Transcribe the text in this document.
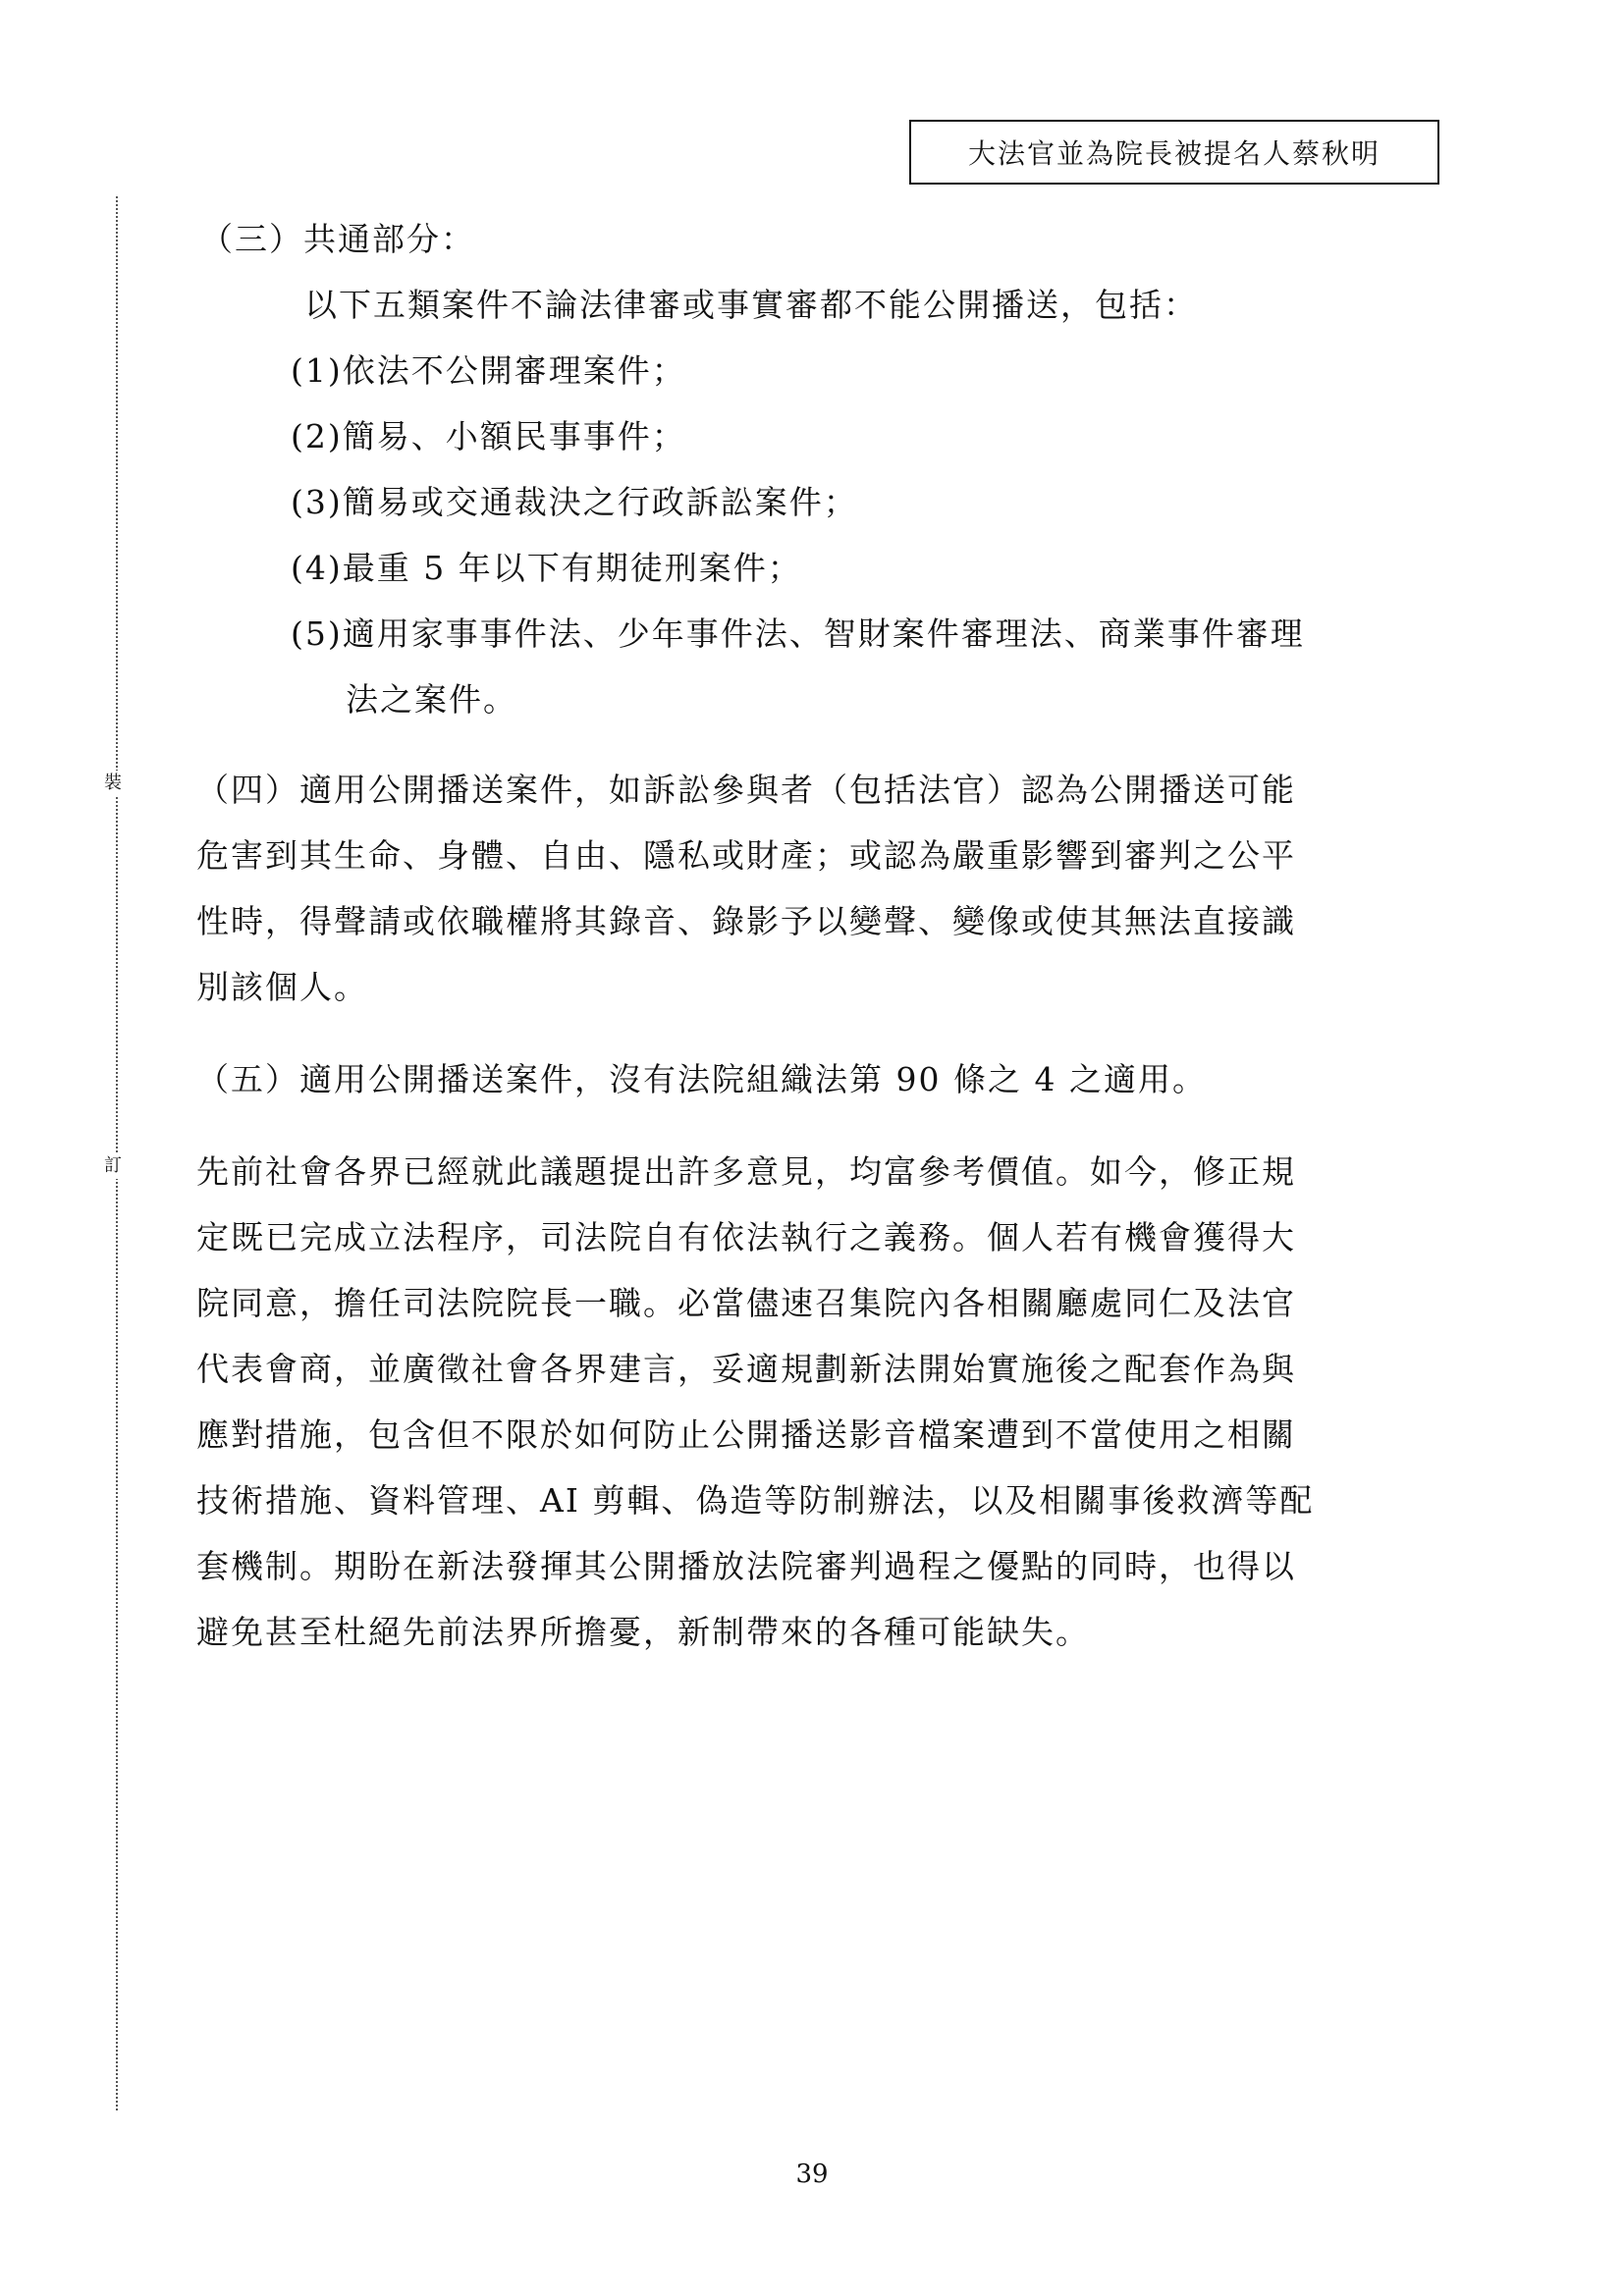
大法官並為院長被提名人蔡秋明
裝
訂
（三）共通部分：
以下五類案件不論法律審或事實審都不能公開播送，包括：
(1)依法不公開審理案件；
(2)簡易、小額民事事件；
(3)簡易或交通裁決之行政訴訟案件；
(4)最重 5 年以下有期徒刑案件；
(5)適用家事事件法、少年事件法、智財案件審理法、商業事件審理
法之案件。
（四）適用公開播送案件，如訴訟參與者（包括法官）認為公開播送可能
危害到其生命、身體、自由、隱私或財產；或認為嚴重影響到審判之公平
性時，得聲請或依職權將其錄音、錄影予以變聲、變像或使其無法直接識
別該個人。
（五）適用公開播送案件，沒有法院組織法第 90 條之 4 之適用。
先前社會各界已經就此議題提出許多意見，均富參考價值。如今，修正規
定既已完成立法程序，司法院自有依法執行之義務。個人若有機會獲得大
院同意，擔任司法院院長一職。必當儘速召集院內各相關廳處同仁及法官
代表會商，並廣徵社會各界建言，妥適規劃新法開始實施後之配套作為與
應對措施，包含但不限於如何防止公開播送影音檔案遭到不當使用之相關
技術措施、資料管理、AI 剪輯、偽造等防制辦法，以及相關事後救濟等配
套機制。期盼在新法發揮其公開播放法院審判過程之優點的同時，也得以
避免甚至杜絕先前法界所擔憂，新制帶來的各種可能缺失。
39
